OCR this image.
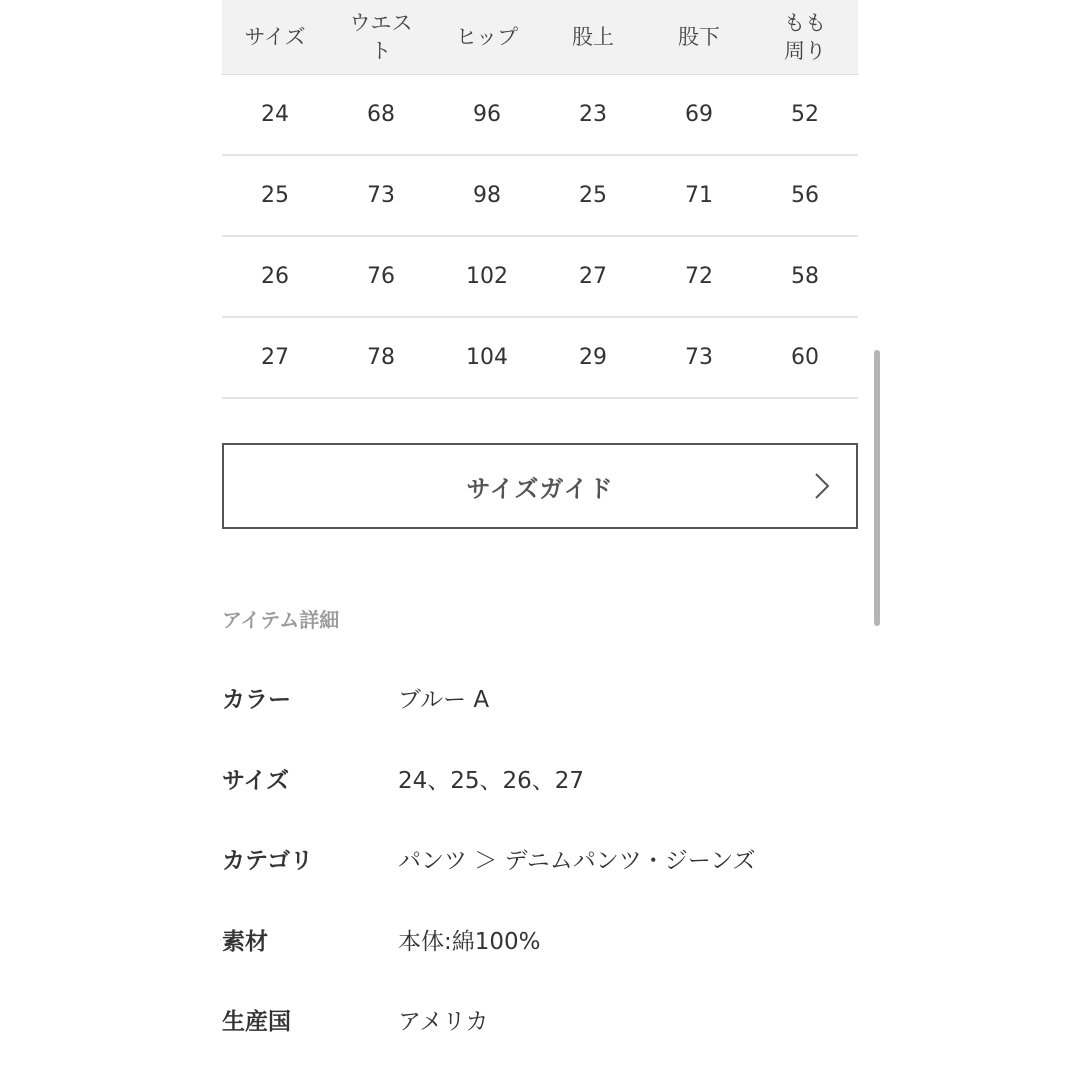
サイズ	ウエスト	ヒップ	股上	股下	もも周り
24	68	96	23	69	52
25	73	98	25	71	56
26	76	102	27	72	58
27	78	104	29	73	60
サイズガイド
アイテム詳細
カラー	ブルー A
サイズ	24、25、26、27
カテゴリ	パンツ ＞ デニムパンツ・ジーンズ
素材	本体:綿100%
生産国	アメリカ
